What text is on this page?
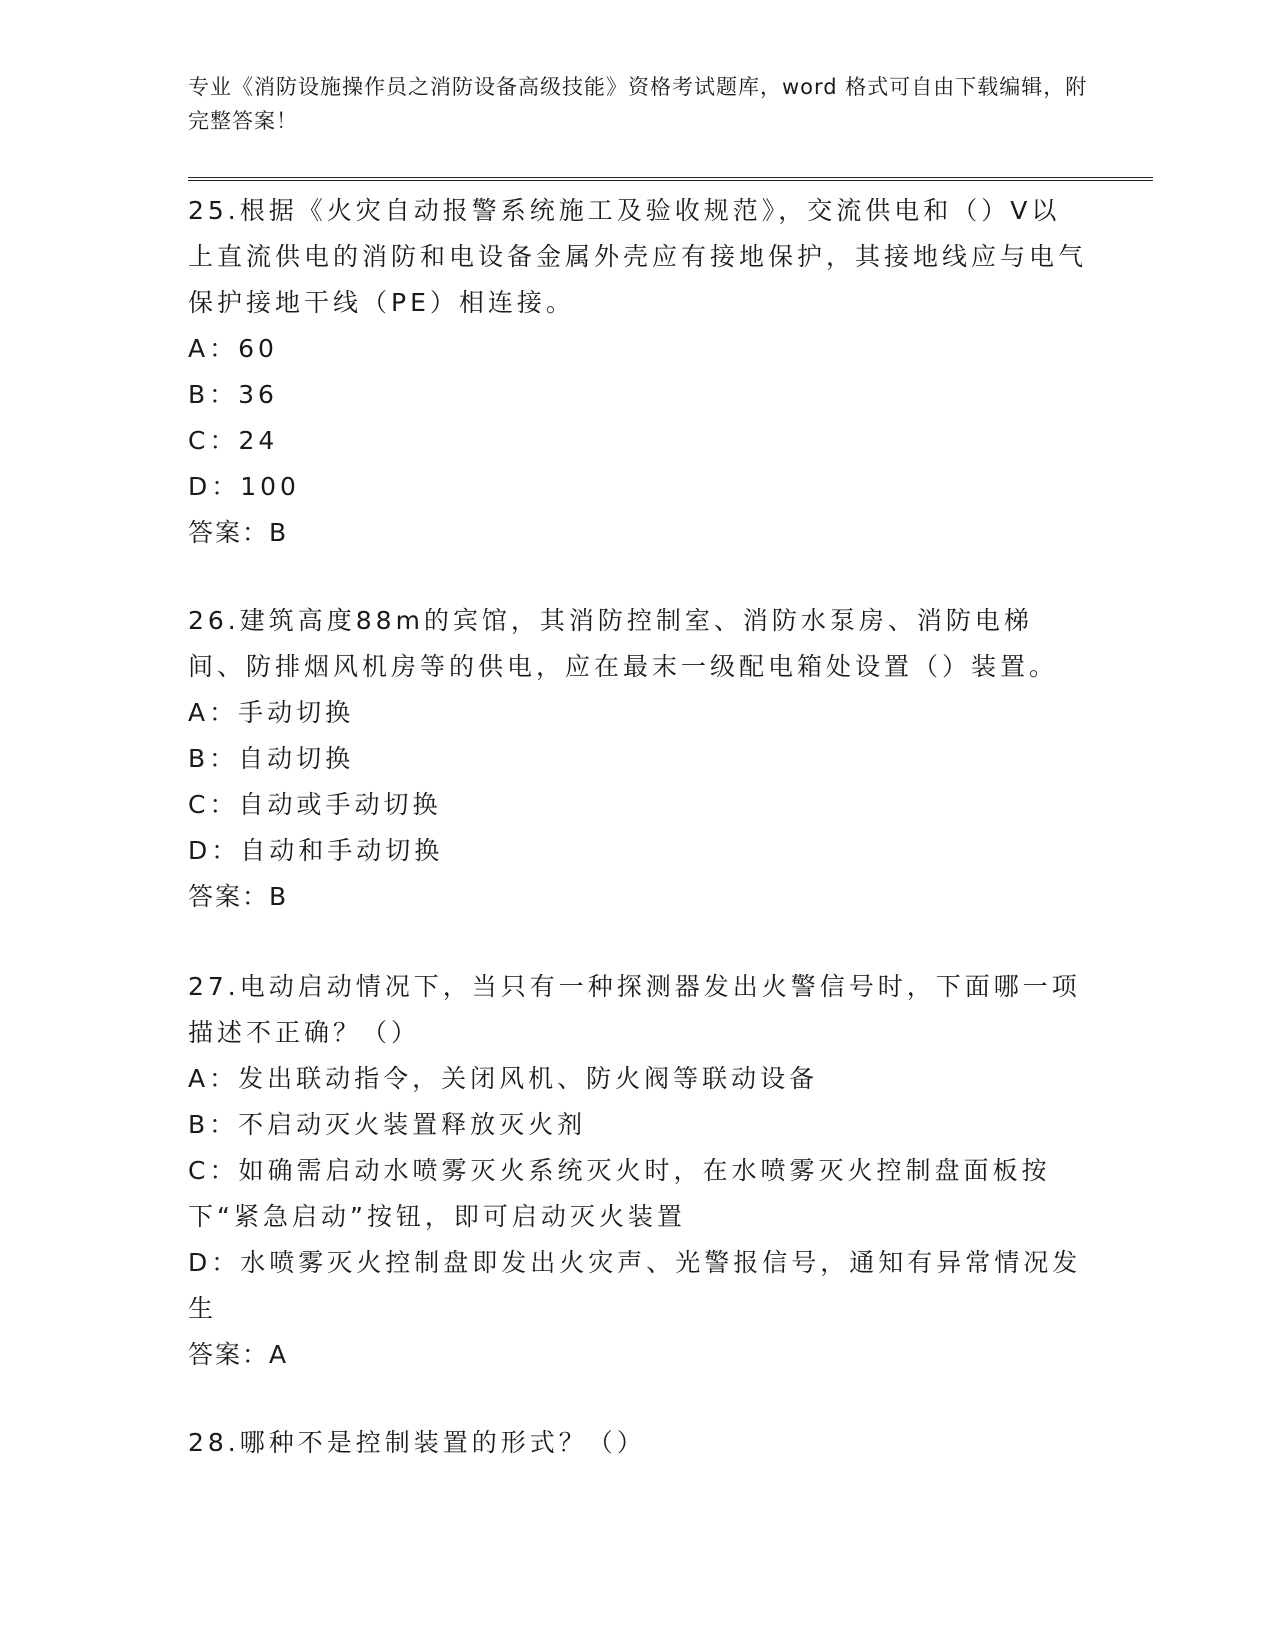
专业《消防设施操作员之消防设备高级技能》资格考试题库，word 格式可自由下载编辑，附完整答案！

25.根据《火灾自动报警系统施工及验收规范》，交流供电和（）V以上直流供电的消防和电设备金属外壳应有接地保护，其接地线应与电气保护接地干线（PE）相连接。

A：60

B：36

C：24

D：100

答案：B

26.建筑高度88m的宾馆，其消防控制室、消防水泵房、消防电梯间、防排烟风机房等的供电，应在最末一级配电箱处设置（）装置。

A：手动切换

B：自动切换

C：自动或手动切换

D：自动和手动切换

答案：B

27.电动启动情况下，当只有一种探测器发出火警信号时，下面哪一项描述不正确？（）

A：发出联动指令，关闭风机、防火阀等联动设备

B：不启动灭火装置释放灭火剂

C：如确需启动水喷雾灭火系统灭火时，在水喷雾灭火控制盘面板按下“紧急启动”按钮，即可启动灭火装置

D：水喷雾灭火控制盘即发出火灾声、光警报信号，通知有异常情况发生

答案：A

28.哪种不是控制装置的形式？（）
